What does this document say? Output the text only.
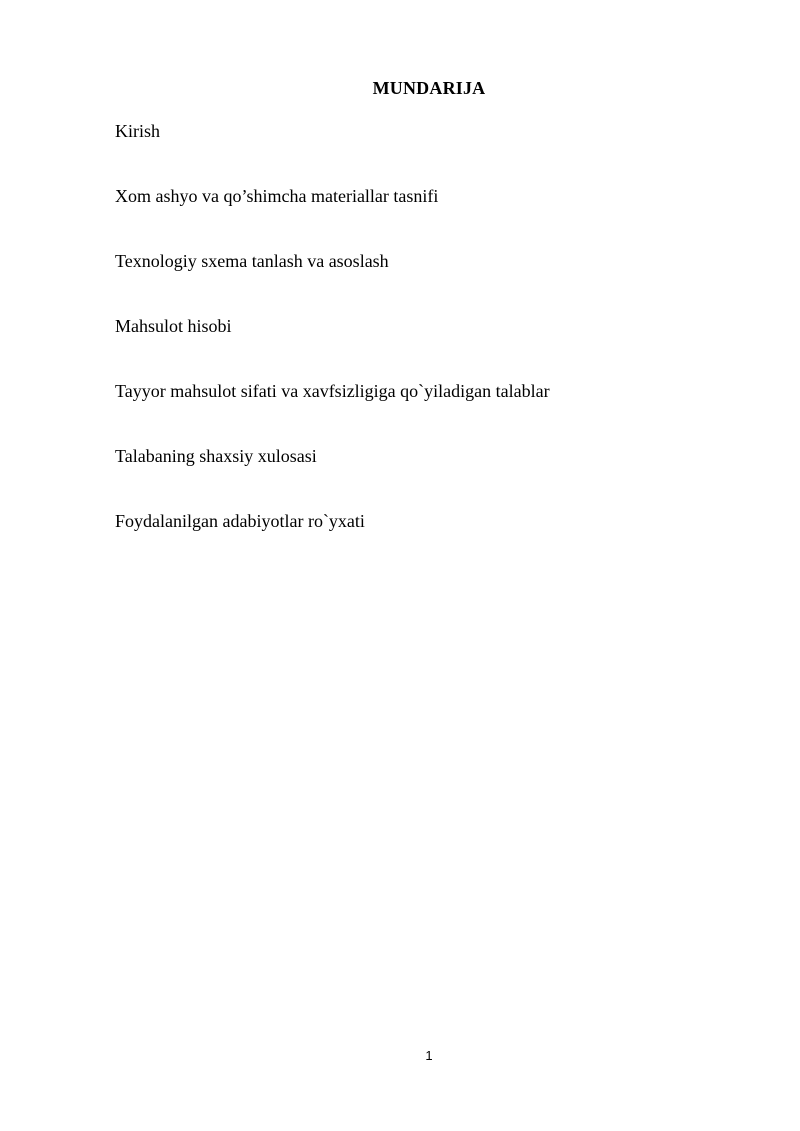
MUNDARIJA
Kirish
Xom ashyo va qo’shimcha materiallar tasnifi
Texnologiy sxema tanlash va asoslash
Mahsulot hisobi
Tayyor mahsulot sifati va xavfsizligiga qo`yiladigan talablar
Talabaning shaxsiy xulosasi
Foydalanilgan adabiyotlar ro`yxati
1
